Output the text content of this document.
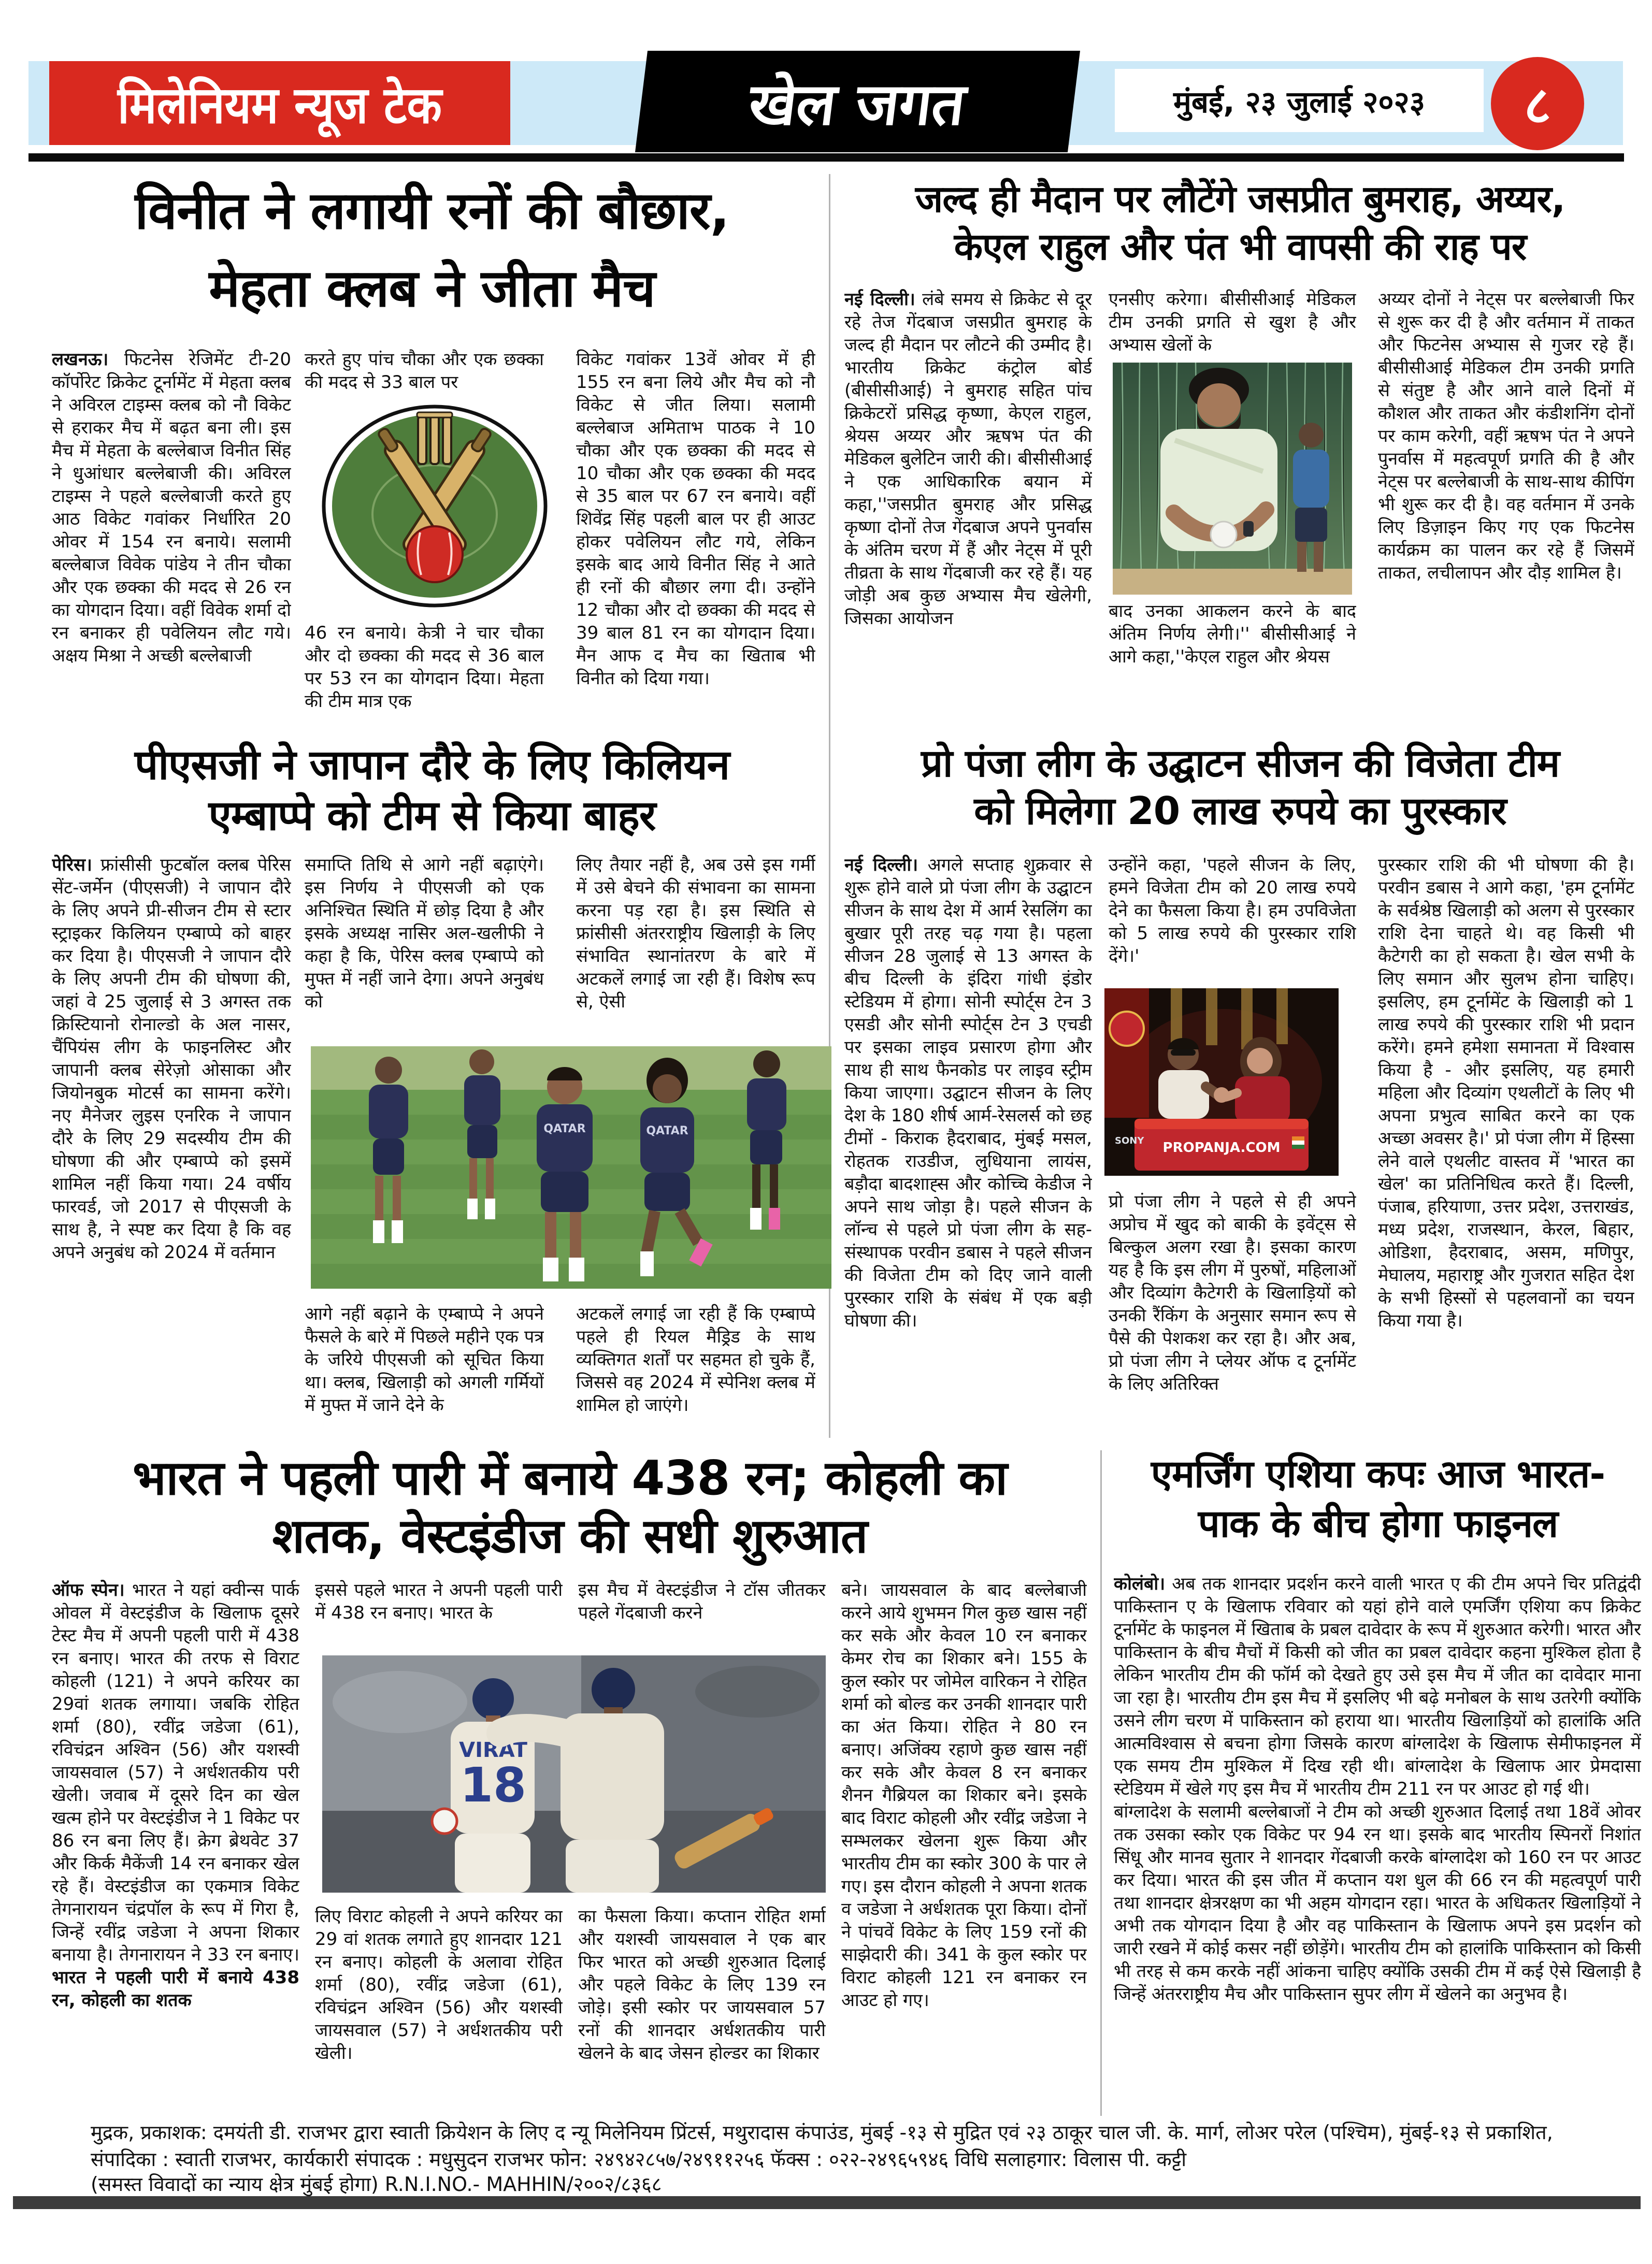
मिलेनियम न्यूज टेक	खेल जगत	मुंबई, २३ जुलाई २०२३ ८
विनीत ने लगायी रनों की बौछार,
मेहता क्लब ने जीता मैच

लखनऊ। फिटनेस रेजिमेंट टी-20 कॉर्पोरेट क्रिकेट टूर्नामेंट में मेहता क्लब ने अविरल टाइम्स क्लब को नौ विकेट से हराकर मैच में बढ़त बना ली। इस मैच में मेहता के बल्लेबाज विनीत सिंह ने धुआंधार बल्लेबाजी की। अविरल टाइम्स ने पहले बल्लेबाजी करते हुए आठ विकेट गवांकर निर्धारित 20 ओवर में 154 रन बनाये। सलामी बल्लेबाज विवेक पांडेय ने तीन चौका और एक छक्का की मदद से 26 रन का योगदान दिया। वहीं विवेक शर्मा दो रन बनाकर ही पवेलियन लौट गये। अक्षय मिश्रा ने अच्छी बल्लेबाजी

करते हुए पांच चौका और एक छक्का की मदद से 33 बाल पर

46 रन बनाये। केत्री ने चार चौका और दो छक्का की मदद से 36 बाल पर 53 रन का योगदान दिया। मेहता की टीम मात्र एक

विकेट गवांकर 13वें ओवर में ही 155 रन बना लिये और मैच को नौ विकेट से जीत लिया। सलामी बल्लेबाज अमिताभ पाठक ने 10 चौका और एक छक्का की मदद से 10 चौका और एक छक्का की मदद से 35 बाल पर 67 रन बनाये। वहीं शिवेंद्र सिंह पहली बाल पर ही आउट होकर पवेलियन लौट गये, लेकिन इसके बाद आये विनीत सिंह ने आते ही रनों की बौछार लगा दी। उन्होंने 12 चौका और दो छक्का की मदद से 39 बाल 81 रन का योगदान दिया। मैन आफ द मैच का खिताब भी विनीत को दिया गया।

जल्द ही मैदान पर लौटेंगे जसप्रीत बुमराह, अय्यर,
केएल राहुल और पंत भी वापसी की राह पर

नई दिल्ली। लंबे समय से क्रिकेट से दूर रहे तेज गेंदबाज जसप्रीत बुमराह के जल्द ही मैदान पर लौटने की उम्मीद है। भारतीय क्रिकेट कंट्रोल बोर्ड (बीसीसीआई) ने बुमराह सहित पांच क्रिकेटरों प्रसिद्ध कृष्णा, केएल राहुल, श्रेयस अय्यर और ऋषभ पंत की मेडिकल बुलेटिन जारी की। बीसीसीआई ने एक आधिकारिक बयान में कहा,''जसप्रीत बुमराह और प्रसिद्ध कृष्णा दोनों तेज गेंदबाज अपने पुनर्वास के अंतिम चरण में हैं और नेट्स में पूरी तीव्रता के साथ गेंदबाजी कर रहे हैं। यह जोड़ी अब कुछ अभ्यास मैच खेलेगी, जिसका आयोजन

एनसीए करेगा। बीसीसीआई मेडिकल टीम उनकी प्रगति से खुश है और अभ्यास खेलों के

बाद उनका आकलन करने के बाद अंतिम निर्णय लेगी।'' बीसीसीआई ने आगे कहा,''केएल राहुल और श्रेयस

अय्यर दोनों ने नेट्स पर बल्लेबाजी फिर से शुरू कर दी है और वर्तमान में ताकत और फिटनेस अभ्यास से गुजर रहे हैं। बीसीसीआई मेडिकल टीम उनकी प्रगति से संतुष्ट है और आने वाले दिनों में कौशल और ताकत और कंडीशनिंग दोनों पर काम करेगी, वहीं ऋषभ पंत ने अपने पुनर्वास में महत्वपूर्ण प्रगति की है और नेट्स पर बल्लेबाजी के साथ-साथ कीपिंग भी शुरू कर दी है। वह वर्तमान में उनके लिए डिज़ाइन किए गए एक फिटनेस कार्यक्रम का पालन कर रहे हैं जिसमें ताकत, लचीलापन और दौड़ शामिल है।

पीएसजी ने जापान दौरे के लिए किलियन
एम्बाप्पे को टीम से किया बाहर

पेरिस। फ्रांसीसी फुटबॉल क्लब पेरिस सेंट-जर्मेन (पीएसजी) ने जापान दौरे के लिए अपने प्री-सीजन टीम से स्टार स्ट्राइकर किलियन एम्बाप्पे को बाहर कर दिया है। पीएसजी ने जापान दौरे के लिए अपनी टीम की घोषणा की, जहां वे 25 जुलाई से 3 अगस्त तक क्रिस्टियानो रोनाल्डो के अल नासर, चैंपियंस लीग के फाइनलिस्ट और जापानी क्लब सेरेज़ो ओसाका और जियोनबुक मोटर्स का सामना करेंगे। नए मैनेजर लुइस एनरिक ने जापान दौरे के लिए 29 सदस्यीय टीम की घोषणा की और एम्बाप्पे को इसमें शामिल नहीं किया गया। 24 वर्षीय फारवर्ड, जो 2017 से पीएसजी के साथ है, ने स्पष्ट कर दिया है कि वह अपने अनुबंध को 2024 में वर्तमान

समाप्ति तिथि से आगे नहीं बढ़ाएंगे। इस निर्णय ने पीएसजी को एक अनिश्चित स्थिति में छोड़ दिया है और इसके अध्यक्ष नासिर अल-खलीफी ने कहा है कि, पेरिस क्लब एम्बाप्पे को मुफ्त में नहीं जाने देगा। अपने अनुबंध को

लिए तैयार नहीं है, अब उसे इस गर्मी में उसे बेचने की संभावना का सामना करना पड़ रहा है। इस स्थिति से फ्रांसीसी अंतरराष्ट्रीय खिलाड़ी के लिए संभावित स्थानांतरण के बारे में अटकलें लगाई जा रही हैं। विशेष रूप से, ऐसी

QATAR	QATAR

आगे नहीं बढ़ाने के एम्बाप्पे ने अपने फैसले के बारे में पिछले महीने एक पत्र के जरिये पीएसजी को सूचित किया था। क्लब, खिलाड़ी को अगली गर्मियों में मुफ्त में जाने देने के

अटकलें लगाई जा रही हैं कि एम्बाप्पे पहले ही रियल मैड्रिड के साथ व्यक्तिगत शर्तों पर सहमत हो चुके हैं, जिससे वह 2024 में स्पेनिश क्लब में शामिल हो जाएंगे।

प्रो पंजा लीग के उद्घाटन सीजन की विजेता टीम
को मिलेगा 20 लाख रुपये का पुरस्कार

नई दिल्ली। अगले सप्ताह शुक्रवार से शुरू होने वाले प्रो पंजा लीग के उद्घाटन सीजन के साथ देश में आर्म रेसलिंग का बुखार पूरी तरह चढ़ गया है। पहला सीजन 28 जुलाई से 13 अगस्त के बीच दिल्ली के इंदिरा गांधी इंडोर स्टेडियम में होगा। सोनी स्पोर्ट्स टेन 3 एसडी और सोनी स्पोर्ट्स टेन 3 एचडी पर इसका लाइव प्रसारण होगा और साथ ही साथ फैनकोड पर लाइव स्ट्रीम किया जाएगा। उद्घाटन सीजन के लिए देश के 180 शीर्ष आर्म-रेसलर्स को छह टीमों - किराक हैदराबाद, मुंबई मसल, रोहतक राउडीज, लुधियाना लायंस, बड़ौदा बादशाह्स और कोच्चि केडीज ने अपने साथ जोड़ा है। पहले सीजन के लॉन्च से पहले प्रो पंजा लीग के सह-संस्थापक परवीन डबास ने पहले सीजन की विजेता टीम को दिए जाने वाली पुरस्कार राशि के संबंध में एक बड़ी घोषणा की।

उन्होंने कहा, 'पहले सीजन के लिए, हमने विजेता टीम को 20 लाख रुपये देने का फैसला किया है। हम उपविजेता को 5 लाख रुपये की पुरस्कार राशि देंगे।'

PROPANJA.COM
SONY

प्रो पंजा लीग ने पहले से ही अपने अप्रोच में खुद को बाकी के इवेंट्स से बिल्कुल अलग रखा है। इसका कारण यह है कि इस लीग में पुरुषों, महिलाओं और दिव्यांग कैटेगरी के खिलाड़ियों को उनकी रैंकिंग के अनुसार समान रूप से पैसे की पेशकश कर रहा है। और अब, प्रो पंजा लीग ने प्लेयर ऑफ द टूर्नामेंट के लिए अतिरिक्त

पुरस्कार राशि की भी घोषणा की है।परवीन डबास ने आगे कहा, 'हम टूर्नामेंट के सर्वश्रेष्ठ खिलाड़ी को अलग से पुरस्कार राशि देना चाहते थे। वह किसी भी कैटेगरी का हो सकता है। खेल सभी के लिए समान और सुलभ होना चाहिए। इसलिए, हम टूर्नामेंट के खिलाड़ी को 1 लाख रुपये की पुरस्कार राशि भी प्रदान करेंगे। हमने हमेशा समानता में विश्वास किया है - और इसलिए, यह हमारी महिला और दिव्यांग एथलीटों के लिए भी अपना प्रभुत्व साबित करने का एक अच्छा अवसर है।' प्रो पंजा लीग में हिस्सा लेने वाले एथलीट वास्तव में 'भारत का खेल' का प्रतिनिधित्व करते हैं। दिल्ली, पंजाब, हरियाणा, उत्तर प्रदेश, उत्तराखंड, मध्य प्रदेश, राजस्थान, केरल, बिहार, ओडिशा, हैदराबाद, असम, मणिपुर, मेघालय, महाराष्ट्र और गुजरात सहित देश के सभी हिस्सों से पहलवानों का चयन किया गया है।

भारत ने पहली पारी में बनाये 438 रन; कोहली का
शतक, वेस्टइंडीज की सधी शुरुआत

ऑफ स्पेन। भारत ने यहां क्वीन्स पार्क ओवल में वेस्टइंडीज के खिलाफ दूसरे टेस्ट मैच में अपनी पहली पारी में 438 रन बनाए। भारत की तरफ से विराट कोहली (121) ने अपने करियर का 29वां शतक लगाया। जबकि रोहित शर्मा (80), रवींद्र जडेजा (61), रविचंद्रन अश्विन (56) और यशस्वी जायसवाल (57) ने अर्धशतकीय परी खेली। जवाब में दूसरे दिन का खेल खत्म होने पर वेस्टइंडीज ने 1 विकेट पर 86 रन बना लिए हैं। क्रेग ब्रेथवेट 37 और किर्क मैकेंजी 14 रन बनाकर खेल रहे हैं। वेस्टइंडीज का एकमात्र विकेट तेगनारायन चंद्रपॉल के रूप में गिरा है, जिन्हें रवींद्र जडेजा ने अपना शिकार बनाया है। तेगनारायन ने 33 रन बनाए। भारत ने पहली पारी में बनाये 438 रन, कोहली का शतक

इससे पहले भारत ने अपनी पहली पारी में 438 रन बनाए। भारत के

इस मैच में वेस्टइंडीज ने टॉस जीतकर पहले गेंदबाजी करने

VIRAT
18

लिए विराट कोहली ने अपने करियर का 29 वां शतक लगाते हुए शानदार 121 रन बनाए। कोहली के अलावा रोहित शर्मा (80), रवींद्र जडेजा (61), रविचंद्रन अश्विन (56) और यशस्वी जायसवाल (57) ने अर्धशतकीय परी खेली।

का फैसला किया। कप्तान रोहित शर्मा और यशस्वी जायसवाल ने एक बार फिर भारत को अच्छी शुरुआत दिलाई और पहले विकेट के लिए 139 रन जोड़े। इसी स्कोर पर जायसवाल 57 रनों की शानदार अर्धशतकीय पारी खेलने के बाद जेसन होल्डर का शिकार

बने। जायसवाल के बाद बल्लेबाजी करने आये शुभमन गिल कुछ खास नहीं कर सके और केवल 10 रन बनाकर केमर रोच का शिकार बने। 155 के कुल स्कोर पर जोमेल वारिकन ने रोहित शर्मा को बोल्ड कर उनकी शानदार पारी का अंत किया। रोहित ने 80 रन बनाए। अजिंक्य रहाणे कुछ खास नहीं कर सके और केवल 8 रन बनाकर शैनन गैब्रियल का शिकार बने। इसके बाद विराट कोहली और रवींद्र जडेजा ने सम्भलकर खेलना शुरू किया और भारतीय टीम का स्कोर 300 के पार ले गए। इस दौरान कोहली ने अपना शतक व जडेजा ने अर्धशतक पूरा किया। दोनों ने पांचवें विकेट के लिए 159 रनों की साझेदारी की। 341 के कुल स्कोर पर विराट कोहली 121 रन बनाकर रन आउट हो गए।

एमर्जिंग एशिया कपः आज भारत-
पाक के बीच होगा फाइनल

कोलंबो। अब तक शानदार प्रदर्शन करने वाली भारत ए की टीम अपने चिर प्रतिद्वंदी पाकिस्तान ए के खिलाफ रविवार को यहां होने वाले एमर्जिंग एशिया कप क्रिकेट टूर्नामेंट के फाइनल में खिताब के प्रबल दावेदार के रूप में शुरुआत करेगी। भारत और पाकिस्तान के बीच मैचों में किसी को जीत का प्रबल दावेदार कहना मुश्किल होता है लेकिन भारतीय टीम की फॉर्म को देखते हुए उसे इस मैच में जीत का दावेदार माना जा रहा है। भारतीय टीम इस मैच में इसलिए भी बढ़े मनोबल के साथ उतरेगी क्योंकि उसने लीग चरण में पाकिस्तान को हराया था। भारतीय खिलाड़ियों को हालांकि अति आत्मविश्वास से बचना होगा जिसके कारण बांग्लादेश के खिलाफ सेमीफाइनल में एक समय टीम मुश्किल में दिख रही थी। बांग्लादेश के खिलाफ आर प्रेमदासा स्टेडियम में खेले गए इस मैच में भारतीय टीम 211 रन पर आउट हो गई थी।

बांग्लादेश के सलामी बल्लेबाजों ने टीम को अच्छी शुरुआत दिलाई तथा 18वें ओवर तक उसका स्कोर एक विकेट पर 94 रन था। इसके बाद भारतीय स्पिनरों निशांत सिंधू और मानव सुतार ने शानदार गेंदबाजी करके बांग्लादेश को 160 रन पर आउट कर दिया। भारत की इस जीत में कप्तान यश धुल की 66 रन की महत्वपूर्ण पारी तथा शानदार क्षेत्ररक्षण का भी अहम योगदान रहा। भारत के अधिकतर खिलाड़ियों ने अभी तक योगदान दिया है और वह पाकिस्तान के खिलाफ अपने इस प्रदर्शन को जारी रखने में कोई कसर नहीं छोड़ेंगे। भारतीय टीम को हालांकि पाकिस्तान को किसी भी तरह से कम करके नहीं आंकना चाहिए क्योंकि उसकी टीम में कई ऐसे खिलाड़ी है जिन्हें अंतरराष्ट्रीय मैच और पाकिस्तान सुपर लीग में खेलने का अनुभव है।

मुद्रक, प्रकाशक: दमयंती डी. राजभर द्वारा स्वाती क्रियेशन के लिए द न्यू मिलेनियम प्रिंटर्स, मथुरादास कंपाउंड, मुंबई -१३ से मुद्रित एवं २३ ठाकूर चाल जी. के. मार्ग, लोअर परेल (पश्चिम), मुंबई-१३ से प्रकाशित,
संपादिका : स्वाती राजभर, कार्यकारी संपादक : मधुसुदन राजभर फोन: २४९४२८५७/२४९११२५६ फॅक्स : ०२२-२४९६५९४६ विधि सलाहगार: विलास पी. कट्टी
(समस्त विवादों का न्याय क्षेत्र मुंबई होगा) R.N.I.NO.- MAHHIN/२००२/८३६८
